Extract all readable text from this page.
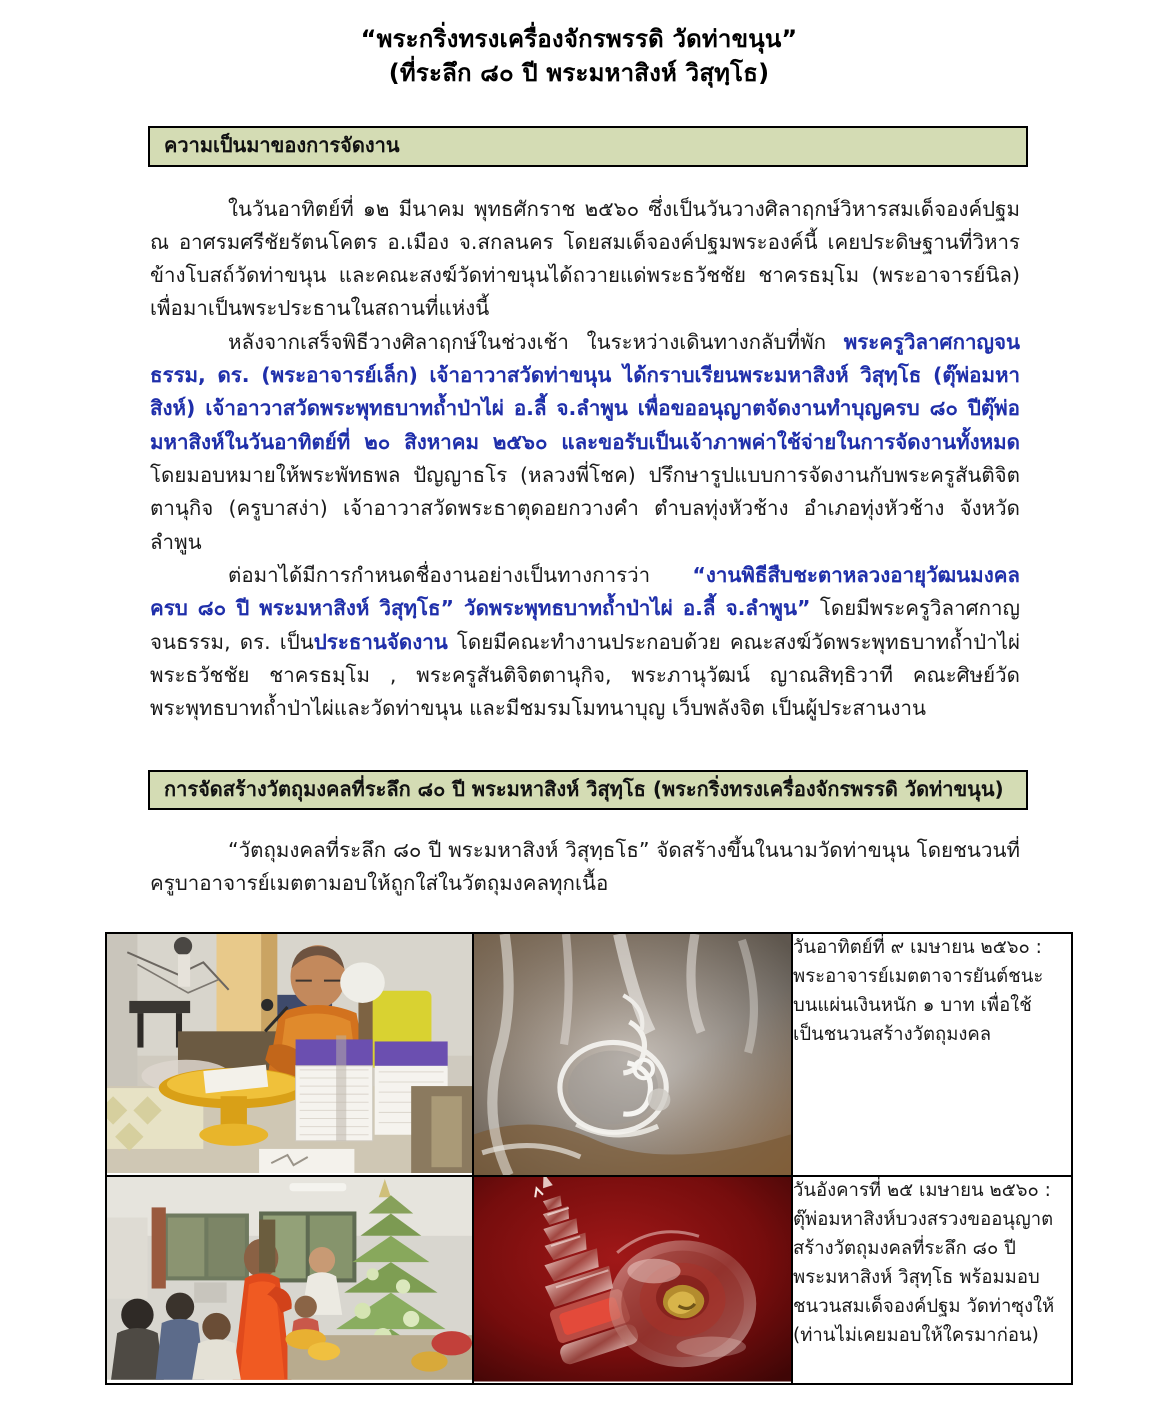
“พระกริ่งทรงเครื่องจักรพรรดิ วัดท่าขนุน”
(ที่ระลึก ๘๐ ปี พระมหาสิงห์ วิสุทฺโธ)
ความเป็นมาของการจัดงาน

ในวันอาทิตย์ที่ ๑๒ มีนาคม พุทธศักราช ๒๕๖๐ ซึ่งเป็นวันวางศิลาฤกษ์วิหารสมเด็จองค์ปฐม ณ อาศรมศรีชัยรัตนโคตร อ.เมือง จ.สกลนคร โดยสมเด็จองค์ปฐมพระองค์นี้ เคยประดิษฐานที่วิหารข้างโบสถ์วัดท่าขนุน และคณะสงฆ์วัดท่าขนุนได้ถวายแด่พระธวัชชัย ชาครธมฺโม (พระอาจารย์นิล) เพื่อมาเป็นพระประธานในสถานที่แห่งนี้

หลังจากเสร็จพิธีวางศิลาฤกษ์ในช่วงเช้า ในระหว่างเดินทางกลับที่พัก พระครูวิลาศกาญจนธรรม, ดร. (พระอาจารย์เล็ก) เจ้าอาวาสวัดท่าขนุน ได้กราบเรียนพระมหาสิงห์ วิสุทฺโธ (ตุ๊พ่อมหาสิงห์) เจ้าอาวาสวัดพระพุทธบาทถ้ำป่าไผ่ อ.ลี้ จ.ลำพูน เพื่อขออนุญาตจัดงานทำบุญครบ ๘๐ ปีตุ๊พ่อมหาสิงห์ในวันอาทิตย์ที่ ๒๐ สิงหาคม ๒๕๖๐ และขอรับเป็นเจ้าภาพค่าใช้จ่ายในการจัดงานทั้งหมด โดยมอบหมายให้พระพัทธพล ปัญญาธโร (หลวงพี่โชค) ปรึกษารูปแบบการจัดงานกับพระครูสันติจิตตานุกิจ (ครูบาสง่า) เจ้าอาวาสวัดพระธาตุดอยกวางคำ ตำบลทุ่งหัวช้าง อำเภอทุ่งหัวช้าง จังหวัดลำพูน

ต่อมาได้มีการกำหนดชื่องานอย่างเป็นทางการว่า “งานพิธีสืบชะตาหลวงอายุวัฒนมงคล ครบ ๘๐ ปี พระมหาสิงห์ วิสุทฺโธ” วัดพระพุทธบาทถ้ำป่าไผ่ อ.ลี้ จ.ลำพูน” โดยมีพระครูวิลาศกาญจนธรรม, ดร. เป็นประธานจัดงาน โดยมีคณะทำงานประกอบด้วย คณะสงฆ์วัดพระพุทธบาทถ้ำป่าไผ่ พระธวัชชัย ชาครธมฺโม , พระครูสันติจิตตานุกิจ, พระภานุวัฒน์ ญาณสิทฺธิวาที คณะศิษย์วัดพระพุทธบาทถ้ำป่าไผ่และวัดท่าขนุน และมีชมรมโมทนาบุญ เว็บพลังจิต เป็นผู้ประสานงาน

การจัดสร้างวัตถุมงคลที่ระลึก ๘๐ ปี พระมหาสิงห์ วิสุทฺโธ (พระกริ่งทรงเครื่องจักรพรรดิ วัดท่าขนุน)

“วัตถุมงคลที่ระลึก ๘๐ ปี พระมหาสิงห์ วิสุทฺธโธ” จัดสร้างขึ้นในนามวัดท่าขนุน โดยชนวนที่ครูบาอาจารย์เมตตามอบให้ถูกใส่ในวัตถุมงคลทุกเนื้อ

วันอาทิตย์ที่ ๙ เมษายน ๒๕๖๐ :
พระอาจารย์เมตตาจารยันต์ชนะ
บนแผ่นเงินหนัก ๑ บาท เพื่อใช้
เป็นชนวนสร้างวัตถุมงคล

วันอังคารที่ ๒๕ เมษายน ๒๕๖๐ :
ตุ๊พ่อมหาสิงห์บวงสรวงขออนุญาต
สร้างวัตถุมงคลที่ระลึก ๘๐ ปี
พระมหาสิงห์ วิสุทฺโธ พร้อมมอบ
ชนวนสมเด็จองค์ปฐม วัดท่าซุงให้
(ท่านไม่เคยมอบให้ใครมาก่อน)
